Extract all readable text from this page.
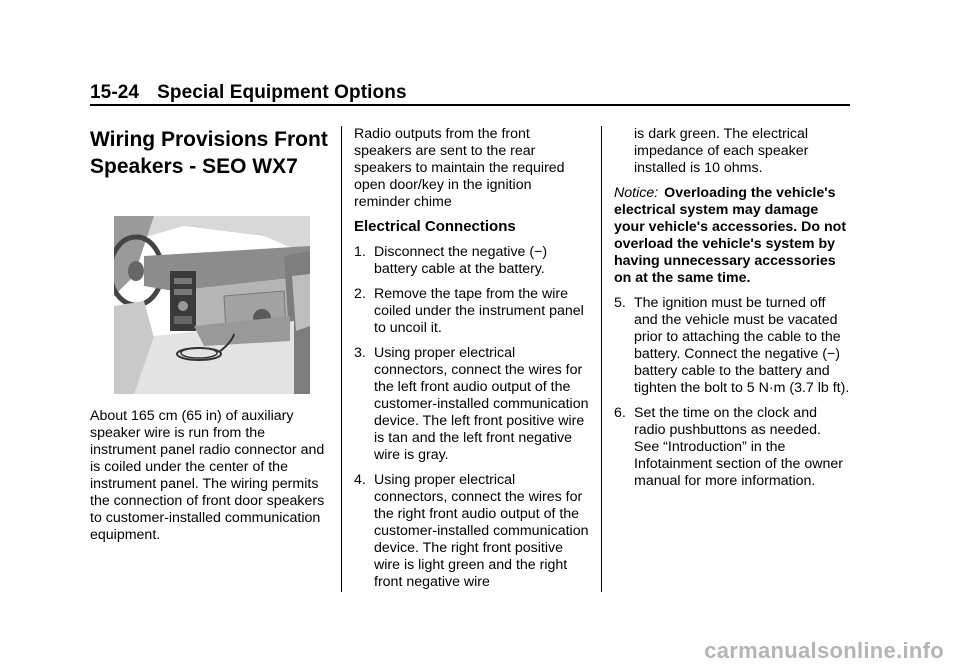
15-24 Special Equipment Options
Wiring Provisions Front
Speakers - SEO WX7

About 165 cm (65 in) of auxiliary speaker wire is run from the instrument panel radio connector and is coiled under the center of the instrument panel. The wiring permits the connection of front door speakers to customer-installed communication equipment.

Radio outputs from the front speakers are sent to the rear speakers to maintain the required open door/key in the ignition reminder chime

Electrical Connections
1. Disconnect the negative (−) battery cable at the battery.
2. Remove the tape from the wire coiled under the instrument panel to uncoil it.
3. Using proper electrical connectors, connect the wires for the left front audio output of the customer-installed communication device. The left front positive wire is tan and the left front negative wire is gray.
4. Using proper electrical connectors, connect the wires for the right front audio output of the customer-installed communication device. The right front positive wire is light green and the right front negative wire

is dark green. The electrical impedance of each speaker installed is 10 ohms.

Notice: Overloading the vehicle's electrical system may damage your vehicle's accessories. Do not overload the vehicle's system by having unnecessary accessories on at the same time.

5. The ignition must be turned off and the vehicle must be vacated prior to attaching the cable to the battery. Connect the negative (−) battery cable to the battery and tighten the bolt to 5 N·m (3.7 lb ft).
6. Set the time on the clock and radio pushbuttons as needed. See “Introduction” in the Infotainment section of the owner manual for more information.
carmanualsonline.info
